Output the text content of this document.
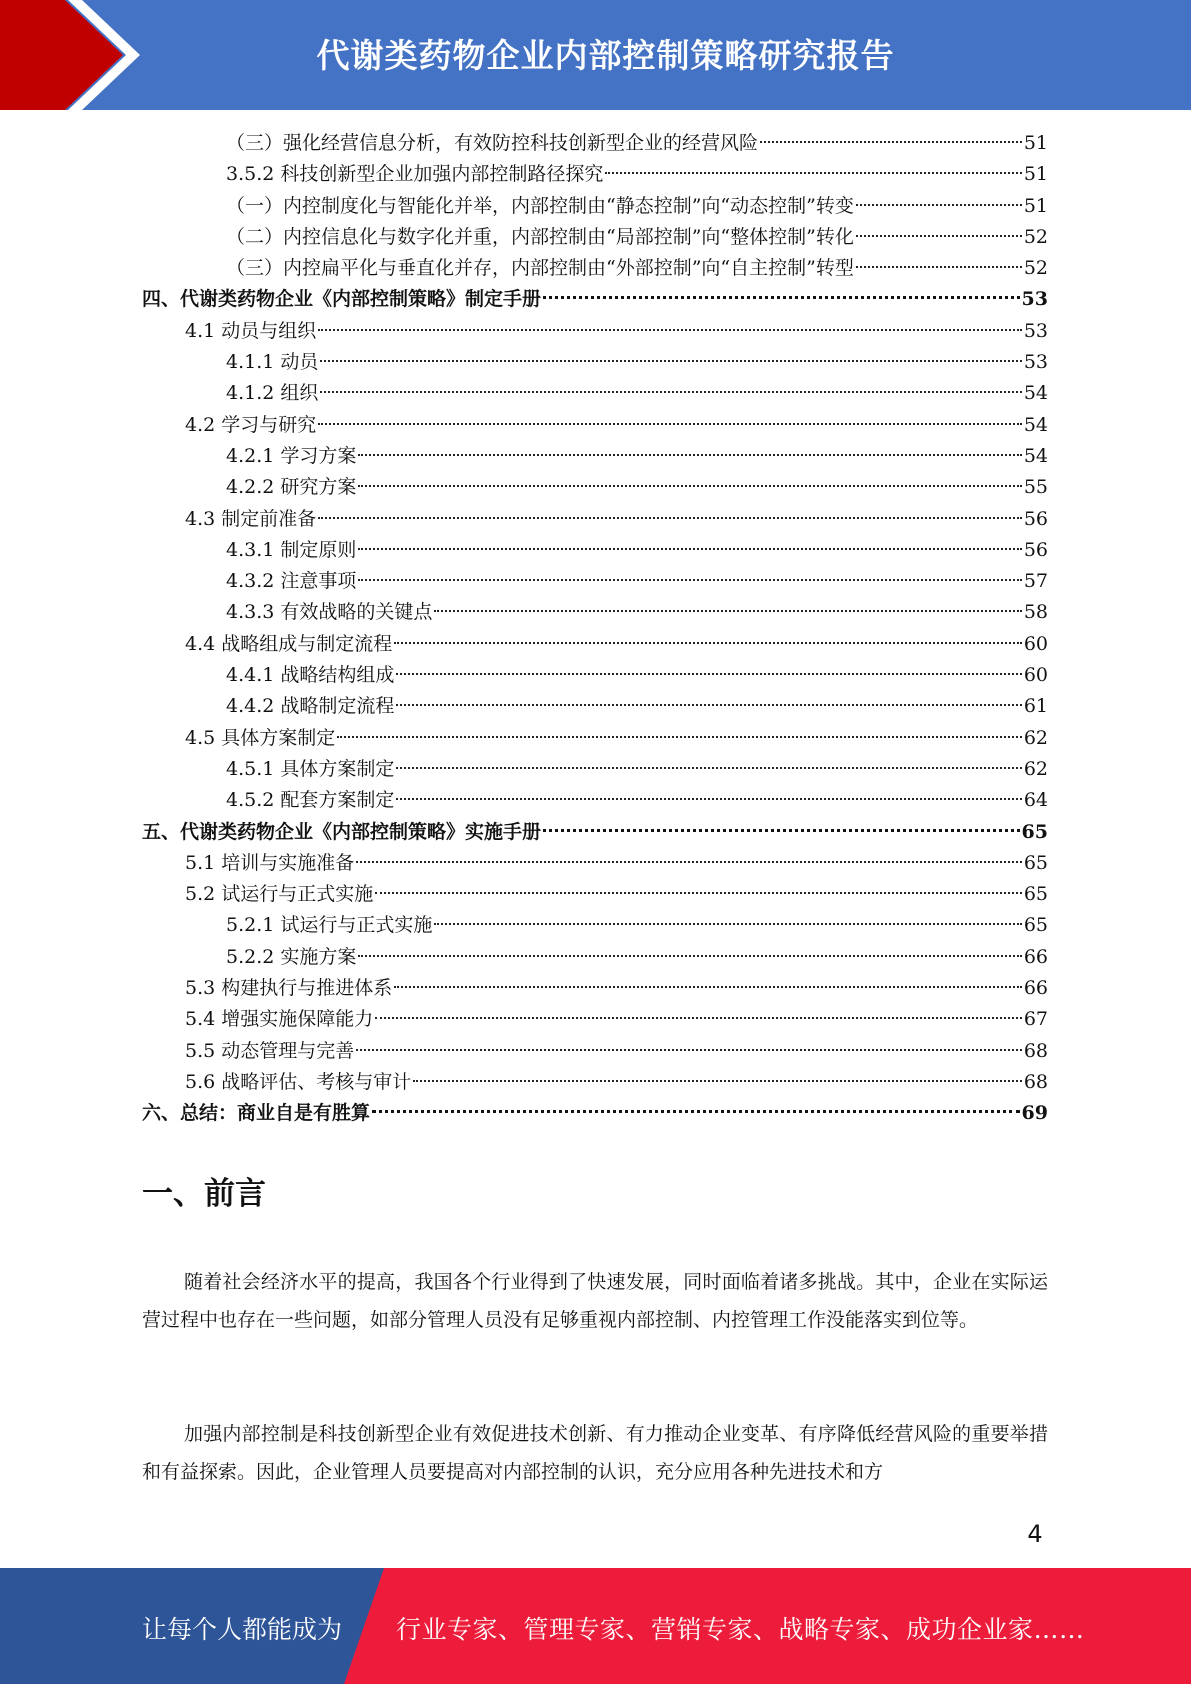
代谢类药物企业内部控制策略研究报告
（三）强化经营信息分析，有效防控科技创新型企业的经营风险	51
3.5.2 科技创新型企业加强内部控制路径探究	51
（一）内控制度化与智能化并举，内部控制由“静态控制”向“动态控制”转变	51
（二）内控信息化与数字化并重，内部控制由“局部控制”向“整体控制”转化	52
（三）内控扁平化与垂直化并存，内部控制由“外部控制”向“自主控制”转型	52
四、代谢类药物企业《内部控制策略》制定手册	53
4.1 动员与组织	53
4.1.1 动员	53
4.1.2 组织	54
4.2 学习与研究	54
4.2.1 学习方案	54
4.2.2 研究方案	55
4.3 制定前准备	56
4.3.1 制定原则	56
4.3.2 注意事项	57
4.3.3 有效战略的关键点	58
4.4 战略组成与制定流程	60
4.4.1 战略结构组成	60
4.4.2 战略制定流程	61
4.5 具体方案制定	62
4.5.1 具体方案制定	62
4.5.2 配套方案制定	64
五、代谢类药物企业《内部控制策略》实施手册	65
5.1 培训与实施准备	65
5.2 试运行与正式实施	65
5.2.1 试运行与正式实施	65
5.2.2 实施方案	66
5.3 构建执行与推进体系	66
5.4 增强实施保障能力	67
5.5 动态管理与完善	68
5.6 战略评估、考核与审计	68
六、总结：商业自是有胜算	69
一、前言

随着社会经济水平的提高，我国各个行业得到了快速发展，同时面临着诸多挑战。其中，企业在实际运营过程中也存在一些问题，如部分管理人员没有足够重视内部控制、内控管理工作没能落实到位等。

加强内部控制是科技创新型企业有效促进技术创新、有力推动企业变革、有序降低经营风险的重要举措和有益探索。因此，企业管理人员要提高对内部控制的认识，充分应用各种先进技术和方

4
让每个人都能成为 行业专家、管理专家、营销专家、战略专家、成功企业家……
